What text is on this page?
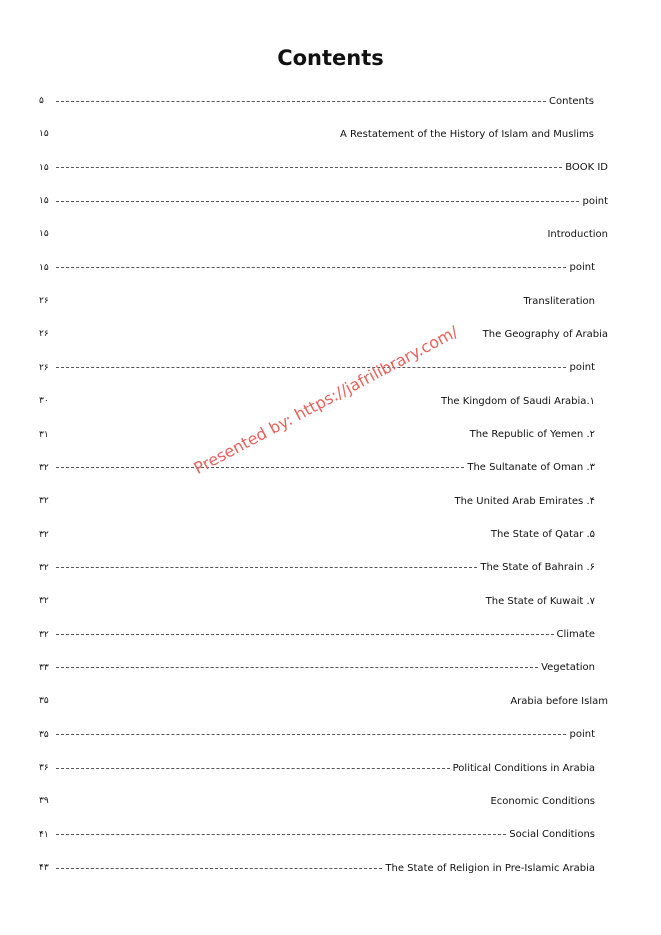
Contents
۵	Contents
۱۵	A Restatement of the History of Islam and Muslims
۱۵	BOOK ID
۱۵	point
۱۵	Introduction
۱۵	point
۲۶	Transliteration
۲۶	The Geography of Arabia
۲۶	point
۳۰	The Kingdom of Saudi Arabia.۱
۳۱	The Republic of Yemen .۲
۳۲	The Sultanate of Oman .۳
۳۲	The United Arab Emirates .۴
۳۲	The State of Qatar .۵
۳۲	The State of Bahrain .۶
۳۲	The State of Kuwait .۷
۳۲	Climate
۳۳	Vegetation
۳۵	Arabia before Islam
۳۵	point
۳۶	Political Conditions in Arabia
۳۹	Economic Conditions
۴۱	Social Conditions
۴۳	The State of Religion in Pre-Islamic Arabia
Presented by: https://jafrilibrary.com/
